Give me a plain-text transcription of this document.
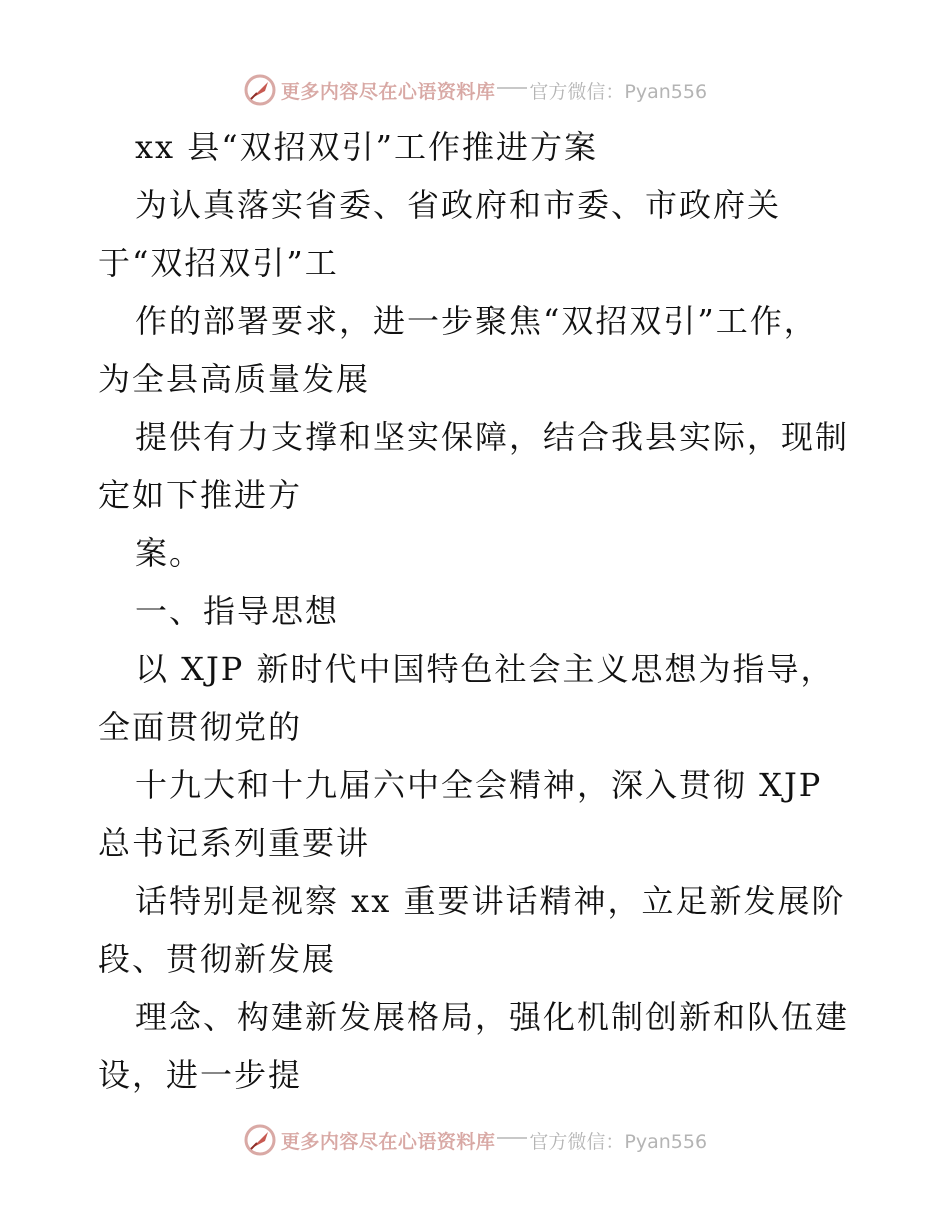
更多内容尽在心语资料库 官方微信：Pyan556
xx 县“双招双引”工作推进方案
为认真落实省委、省政府和市委、市政府关
于“双招双引”工
作的部署要求，进一步聚焦“双招双引”工作，
为全县高质量发展
提供有力支撑和坚实保障，结合我县实际，现制
定如下推进方
案。
一、指导思想
以 XJP 新时代中国特色社会主义思想为指导，
全面贯彻党的
十九大和十九届六中全会精神，深入贯彻 XJP
总书记系列重要讲
话特别是视察 xx 重要讲话精神，立足新发展阶
段、贯彻新发展
理念、构建新发展格局，强化机制创新和队伍建
设，进一步提
更多内容尽在心语资料库 官方微信：Pyan556
